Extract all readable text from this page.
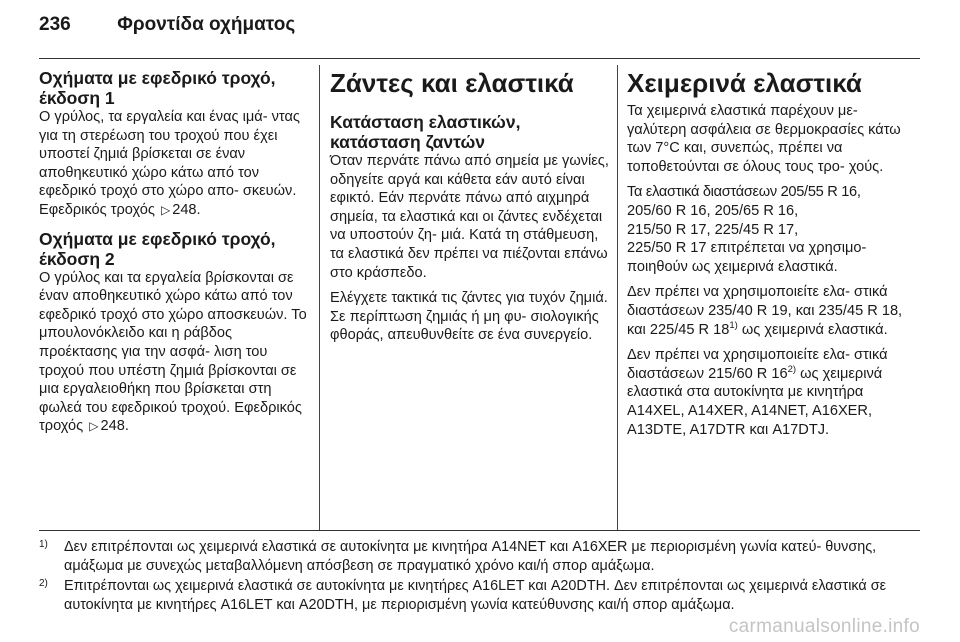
236 Φροντίδα οχήματος
Οχήματα με εφεδρικό τροχό, έκδοση 1

Ο γρύλος, τα εργαλεία και ένας ιμά- ντας για τη στερέωση του τροχού που έχει υποστεί ζημιά βρίσκεται σε έναν αποθηκευτικό χώρο κάτω από τον εφεδρικό τροχό στο χώρο απο- σκευών. Εφεδρικός τροχός ▷ 248.

Οχήματα με εφεδρικό τροχό, έκδοση 2

Ο γρύλος και τα εργαλεία βρίσκονται σε έναν αποθηκευτικό χώρο κάτω από τον εφεδρικό τροχό στο χώρο αποσκευών. Το μπουλονόκλειδο και η ράβδος προέκτασης για την ασφά- λιση του τροχού που υπέστη ζημιά βρίσκονται σε μια εργαλειοθήκη που βρίσκεται στη φωλεά του εφεδρικού τροχού. Εφεδρικός τροχός ▷ 248.

Ζάντες και ελαστικά
Κατάσταση ελαστικών, κατάσταση ζαντών

Όταν περνάτε πάνω από σημεία με γωνίες, οδηγείτε αργά και κάθετα εάν αυτό είναι εφικτό. Εάν περνάτε πάνω από αιχμηρά σημεία, τα ελαστικά και οι ζάντες ενδέχεται να υποστούν ζη- μιά. Κατά τη στάθμευση, τα ελαστικά δεν πρέπει να πιέζονται επάνω στο κράσπεδο.

Ελέγχετε τακτικά τις ζάντες για τυχόν ζημιά. Σε περίπτωση ζημιάς ή μη φυ- σιολογικής φθοράς, απευθυνθείτε σε ένα συνεργείο.

Χειμερινά ελαστικά

Τα χειμερινά ελαστικά παρέχουν με- γαλύτερη ασφάλεια σε θερμοκρασίες κάτω των 7°C και, συνεπώς, πρέπει να τοποθετούνται σε όλους τους τρο- χούς.

Τα ελαστικά διαστάσεων 205/55 R 16,
205/60 R 16, 205/65 R 16,
215/50 R 17, 225/45 R 17,
225/50 R 17 επιτρέπεται να χρησιμο- ποιηθούν ως χειμερινά ελαστικά.

Δεν πρέπει να χρησιμοποιείτε ελα- στικά διαστάσεων 235/40 R 19, και 235/45 R 18, και 225/45 R 18$^{1)}$ ως χειμερινά ελαστικά.

Δεν πρέπει να χρησιμοποιείτε ελα- στικά διαστάσεων 215/60 R 16$^{2)}$ ως χειμερινά ελαστικά στα αυτοκίνητα με κινητήρα A14XEL, A14XER, A14NET, A16XER, A13DTE, A17DTR και A17DTJ.

1) Δεν επιτρέπονται ως χειμερινά ελαστικά σε αυτοκίνητα με κινητήρα A14NET και A16XER με περιορισμένη γωνία κατεύ- θυνσης, αμάξωμα με συνεχώς μεταβαλλόμενη απόσβεση σε πραγματικό χρόνο και/ή σπορ αμάξωμα.
2) Επιτρέπονται ως χειμερινά ελαστικά σε αυτοκίνητα με κινητήρες A16LET και A20DTH. Δεν επιτρέπονται ως χειμερινά ελαστικά σε αυτοκίνητα με κινητήρες A16LET και A20DTH, με περιορισμένη γωνία κατεύθυνσης και/ή σπορ αμάξωμα.
carmanualsonline.info
